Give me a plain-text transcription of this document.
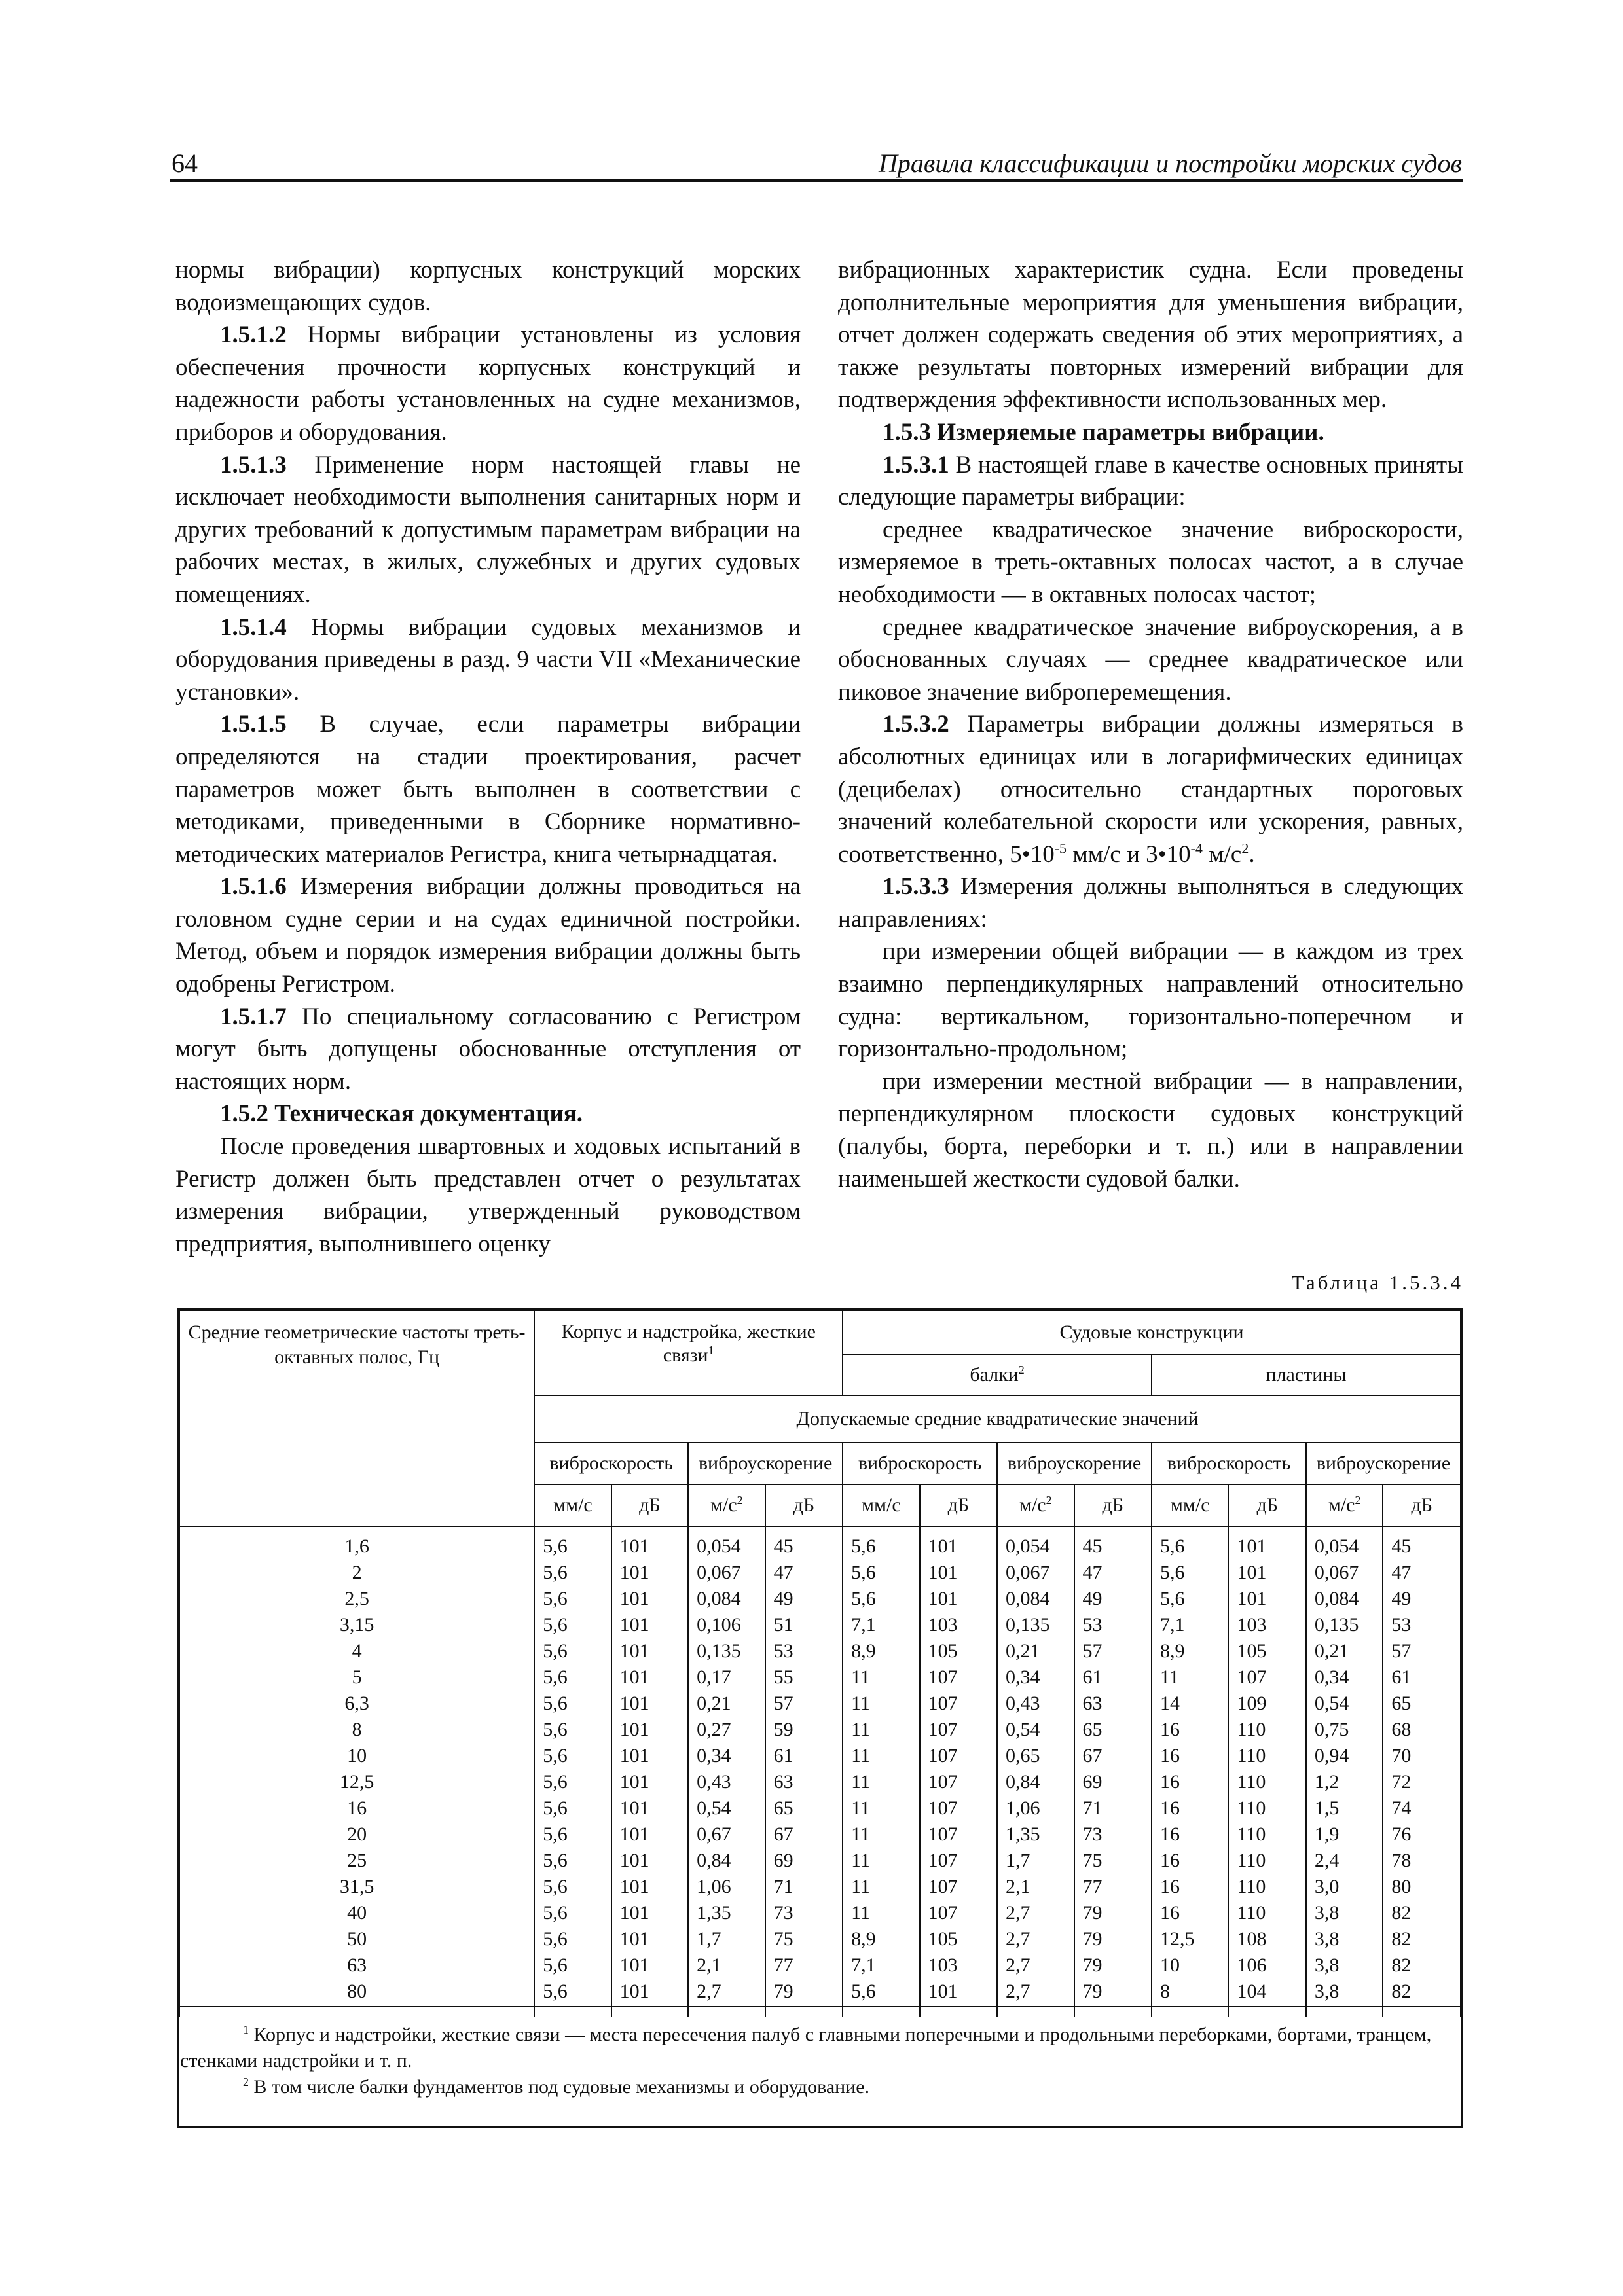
64	Правила классификации и постройки морских судов

нормы вибрации) корпусных конструкций морских водоизмещающих судов.

1.5.1.2 Нормы вибрации установлены из условия обеспечения прочности корпусных конструкций и надежности работы установленных на судне механизмов, приборов и оборудования.

1.5.1.3 Применение норм настоящей главы не исключает необходимости выполнения санитарных норм и других требований к допустимым параметрам вибрации на рабочих местах, в жилых, служебных и других судовых помещениях.

1.5.1.4 Нормы вибрации судовых механизмов и оборудования приведены в разд. 9 части VII «Механические установки».

1.5.1.5 В случае, если параметры вибрации определяются на стадии проектирования, расчет параметров может быть выполнен в соответствии с методиками, приведенными в Сборнике нормативно-методических материалов Регистра, книга четырнадцатая.

1.5.1.6 Измерения вибрации должны проводиться на головном судне серии и на судах единичной постройки. Метод, объем и порядок измерения вибрации должны быть одобрены Регистром.

1.5.1.7 По специальному согласованию с Регистром могут быть допущены обоснованные отступления от настоящих норм.

1.5.2 Техническая документация.

После проведения швартовных и ходовых испытаний в Регистр должен быть представлен отчет о результатах измерения вибрации, утвержденный руководством предприятия, выполнившего оценку

вибрационных характеристик судна. Если проведены дополнительные мероприятия для уменьшения вибрации, отчет должен содержать сведения об этих мероприятиях, а также результаты повторных измерений вибрации для подтверждения эффективности использованных мер.

1.5.3 Измеряемые параметры вибрации.

1.5.3.1 В настоящей главе в качестве основных приняты следующие параметры вибрации:

среднее квадратическое значение виброскорости, измеряемое в треть-октавных полосах частот, а в случае необходимости — в октавных полосах частот;

среднее квадратическое значение виброускорения, а в обоснованных случаях — среднее квадратическое или пиковое значение виброперемещения.

1.5.3.2 Параметры вибрации должны измеряться в абсолютных единицах или в логарифмических единицах (децибелах) относительно стандартных пороговых значений колебательной скорости или ускорения, равных, соответственно, $5•10^{-5}$ мм/с и $3•10^{-4}$ $м/с^2$.

1.5.3.3 Измерения должны выполняться в следующих направлениях:

при измерении общей вибрации — в каждом из трех взаимно перпендикулярных направлений относительно судна: вертикальном, горизонтально-поперечном и горизонтально-продольном;

при измерении местной вибрации — в направлении, перпендикулярном плоскости судовых конструкций (палубы, борта, переборки и т. п.) или в направлении наименьшей жесткости судовой балки.

Таблица 1.5.3.4
Средние геометрические частоты треть-октавных полос, Гц	Корпус и надстройка, жесткие связи$^1$				Судовые конструкции							
					балки$^2$				пластины			
	Допускаемые средние квадратические значений											
	виброскорость		виброускорение		виброскорость		виброускорение		виброскорость		виброускорение	
	мм/с	дБ	$м/с^2$	дБ	мм/с	дБ	$м/с^2$	дБ	мм/с	дБ	$м/с^2$	дБ
1,6	5,6	101	0,054	45	5,6	101	0,054	45	5,6	101	0,054	45
2	5,6	101	0,067	47	5,6	101	0,067	47	5,6	101	0,067	47
2,5	5,6	101	0,084	49	5,6	101	0,084	49	5,6	101	0,084	49
3,15	5,6	101	0,106	51	7,1	103	0,135	53	7,1	103	0,135	53
4	5,6	101	0,135	53	8,9	105	0,21	57	8,9	105	0,21	57
5	5,6	101	0,17	55	11	107	0,34	61	11	107	0,34	61
6,3	5,6	101	0,21	57	11	107	0,43	63	14	109	0,54	65
8	5,6	101	0,27	59	11	107	0,54	65	16	110	0,75	68
10	5,6	101	0,34	61	11	107	0,65	67	16	110	0,94	70
12,5	5,6	101	0,43	63	11	107	0,84	69	16	110	1,2	72
16	5,6	101	0,54	65	11	107	1,06	71	16	110	1,5	74
20	5,6	101	0,67	67	11	107	1,35	73	16	110	1,9	76
25	5,6	101	0,84	69	11	107	1,7	75	16	110	2,4	78
31,5	5,6	101	1,06	71	11	107	2,1	77	16	110	3,0	80
40	5,6	101	1,35	73	11	107	2,7	79	16	110	3,8	82
50	5,6	101	1,7	75	8,9	105	2,7	79	12,5	108	3,8	82
63	5,6	101	2,1	77	7,1	103	2,7	79	10	106	3,8	82
80	5,6	101	2,7	79	5,6	101	2,7	79	8	104	3,8	82

$^1$ Корпус и надстройки, жесткие связи — места пересечения палуб с главными поперечными и продольными переборками, бортами, транцем, стенками надстройки и т. п.

$^2$ В том числе балки фундаментов под судовые механизмы и оборудование.
